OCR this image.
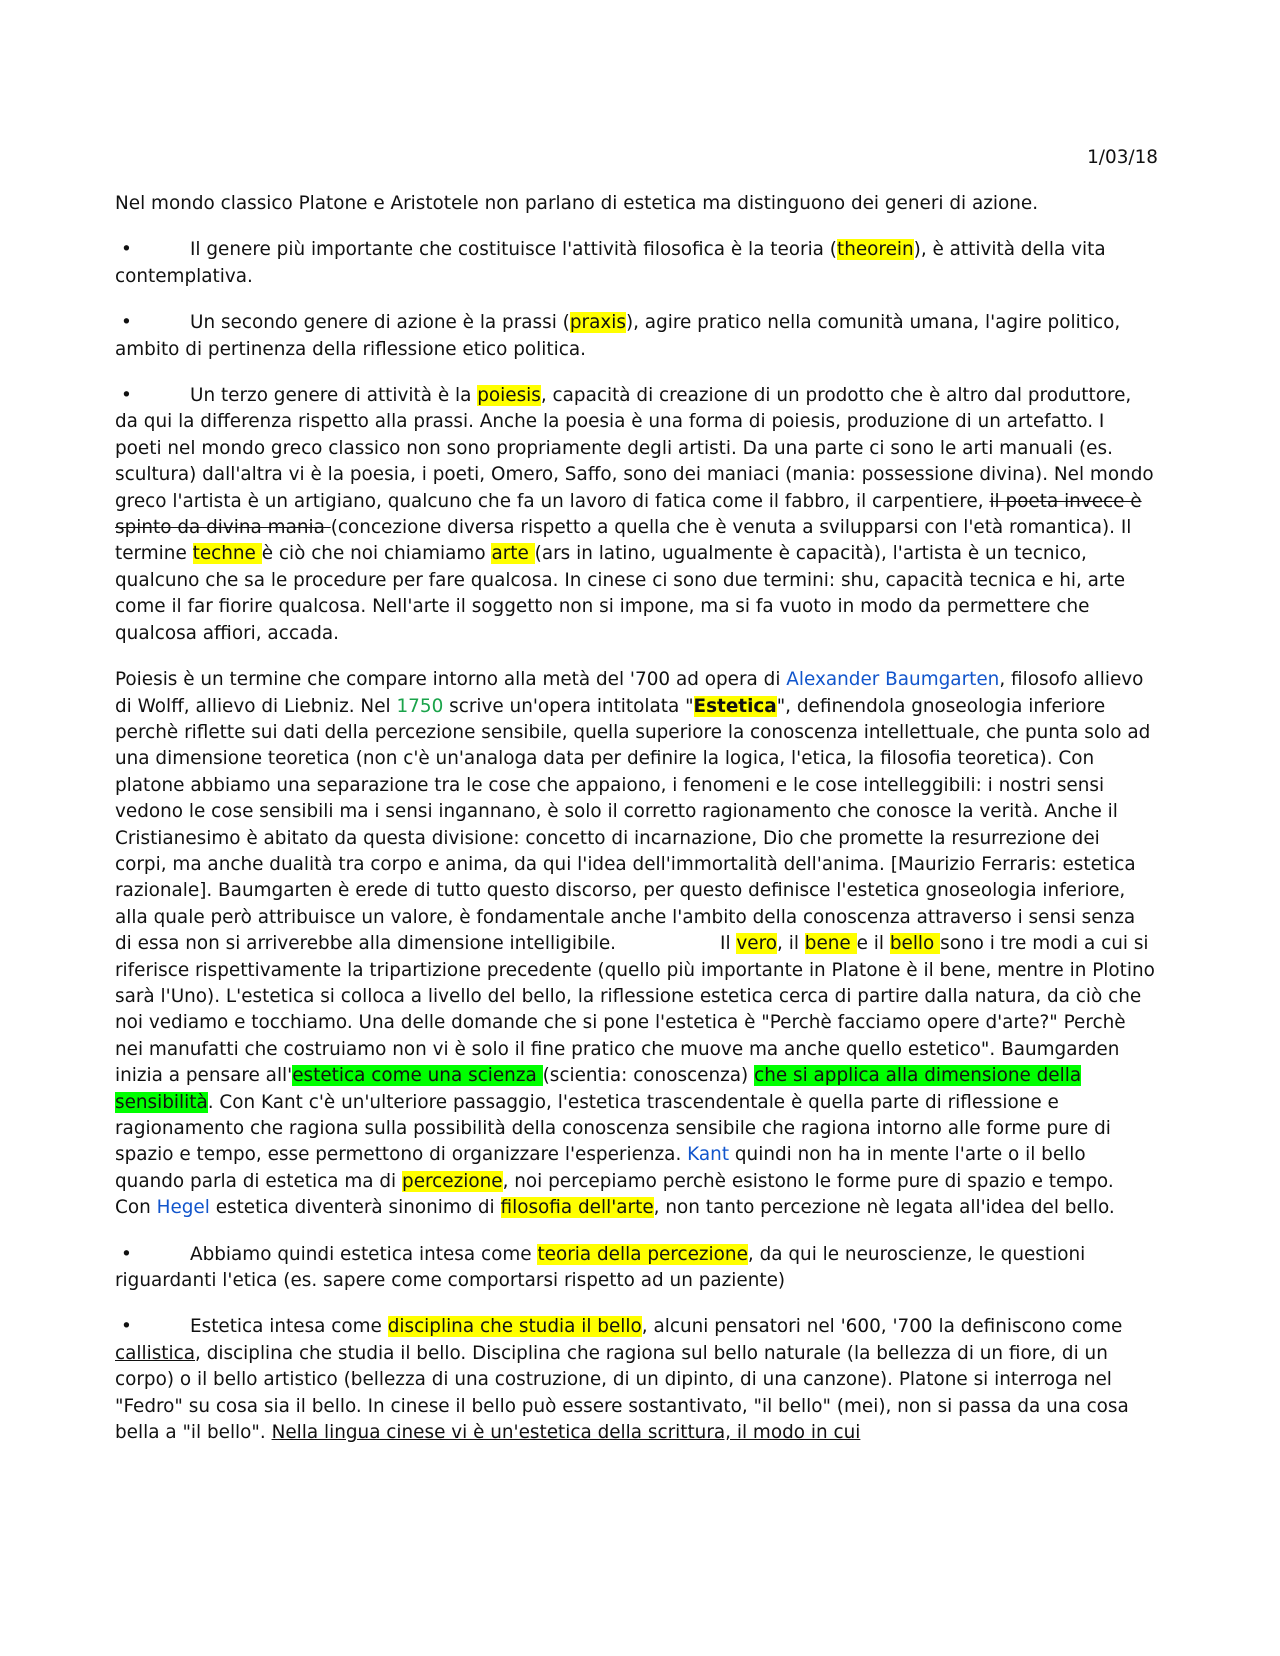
1/03/18

Nel mondo classico Platone e Aristotele non parlano di estetica ma distinguono dei generi di azione.

•	Il genere più importante che costituisce l'attività filosofica è la teoria (theorein), è attività della vita contemplativa.
•	Un secondo genere di azione è la prassi (praxis), agire pratico nella comunità umana, l'agire politico, ambito di pertinenza della riflessione etico politica.
•	Un terzo genere di attività è la poiesis, capacità di creazione di un prodotto che è altro dal produttore, da qui la differenza rispetto alla prassi. Anche la poesia è una forma di poiesis, produzione di un artefatto. I poeti nel mondo greco classico non sono propriamente degli artisti. Da una parte ci sono le arti manuali (es. scultura) dall'altra vi è la poesia, i poeti, Omero, Saffo, sono dei maniaci (mania: possessione divina). Nel mondo greco l'artista è un artigiano, qualcuno che fa un lavoro di fatica come il fabbro, il carpentiere, il poeta invece è spinto da divina mania (concezione diversa rispetto a quella che è venuta a svilupparsi con l'età romantica). Il termine techne è ciò che noi chiamiamo arte (ars in latino, ugualmente è capacità), l'artista è un tecnico, qualcuno che sa le procedure per fare qualcosa. In cinese ci sono due termini: shu, capacità tecnica e hi, arte come il far fiorire qualcosa. Nell'arte il soggetto non si impone, ma si fa vuoto in modo da permettere che qualcosa affiori, accada.

Poiesis è un termine che compare intorno alla metà del '700 ad opera di Alexander Baumgarten, filosofo allievo di Wolff, allievo di Liebniz. Nel 1750 scrive un'opera intitolata "Estetica", definendola gnoseologia inferiore perchè riflette sui dati della percezione sensibile, quella superiore la conoscenza intellettuale, che punta solo ad una dimensione teoretica (non c'è un'analoga data per definire la logica, l'etica, la filosofia teoretica). Con platone abbiamo una separazione tra le cose che appaiono, i fenomeni e le cose intelleggibili: i nostri sensi vedono le cose sensibili ma i sensi ingannano, è solo il corretto ragionamento che conosce la verità. Anche il Cristianesimo è abitato da questa divisione: concetto di incarnazione, Dio che promette la resurrezione dei corpi, ma anche dualità tra corpo e anima, da qui l'idea dell'immortalità dell'anima. [Maurizio Ferraris: estetica razionale]. Baumgarten è erede di tutto questo discorso, per questo definisce l'estetica gnoseologia inferiore, alla quale però attribuisce un valore, è fondamentale anche l'ambito della conoscenza attraverso i sensi senza di essa non si arriverebbe alla dimensione intelligibile.	Il vero, il bene e il bello sono i tre modi a cui si riferisce rispettivamente la tripartizione precedente (quello più importante in Platone è il bene, mentre in Plotino sarà l'Uno). L'estetica si colloca a livello del bello, la riflessione estetica cerca di partire dalla natura, da ciò che noi vediamo e tocchiamo. Una delle domande che si pone l'estetica è "Perchè facciamo opere d'arte?" Perchè nei manufatti che costruiamo non vi è solo il fine pratico che muove ma anche quello estetico". Baumgarden inizia a pensare all'estetica come una scienza (scientia: conoscenza) che si applica alla dimensione della sensibilità. Con Kant c'è un'ulteriore passaggio, l'estetica trascendentale è quella parte di riflessione e ragionamento che ragiona sulla possibilità della conoscenza sensibile che ragiona intorno alle forme pure di spazio e tempo, esse permettono di organizzare l'esperienza. Kant quindi non ha in mente l'arte o il bello quando parla di estetica ma di percezione, noi percepiamo perchè esistono le forme pure di spazio e tempo. Con Hegel estetica diventerà sinonimo di filosofia dell'arte, non tanto percezione nè legata all'idea del bello.

•	Abbiamo quindi estetica intesa come teoria della percezione, da qui le neuroscienze, le questioni riguardanti l'etica (es. sapere come comportarsi rispetto ad un paziente)
•	Estetica intesa come disciplina che studia il bello, alcuni pensatori nel '600, '700 la definiscono come callistica, disciplina che studia il bello. Disciplina che ragiona sul bello naturale (la bellezza di un fiore, di un corpo) o il bello artistico (bellezza di una costruzione, di un dipinto, di una canzone). Platone si interroga nel "Fedro" su cosa sia il bello. In cinese il bello può essere sostantivato, "il bello" (mei), non si passa da una cosa bella a "il bello". Nella lingua cinese vi è un'estetica della scrittura, il modo in cui
